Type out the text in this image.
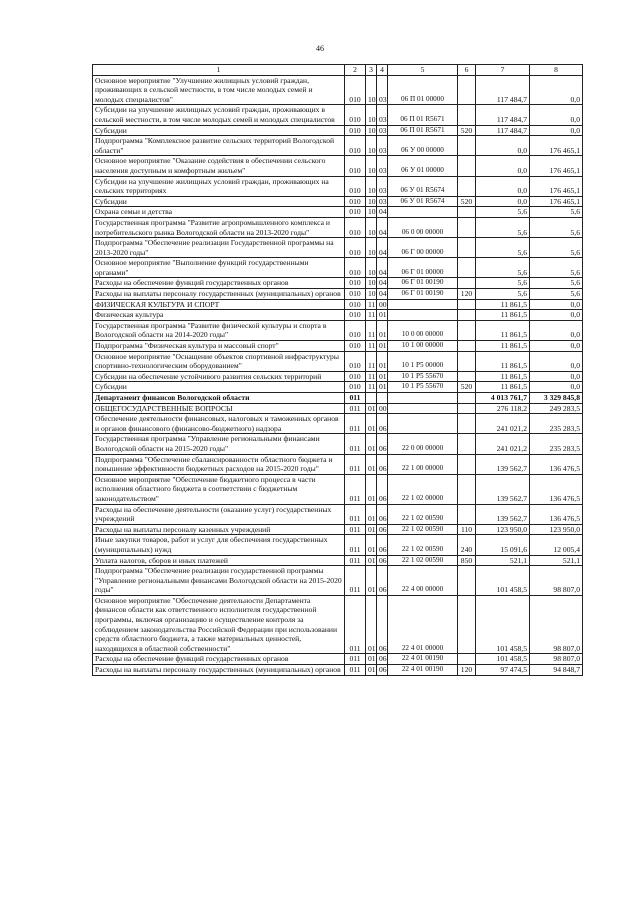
46
1	2	3	4	5	6	7	8
Основное мероприятие "Улучшение жилищных условий граждан, проживающих в сельской местности, в том числе молодых семей и молодых специалистов"	010	10	03	06 П 01 00000		117 484,7	0,0
Субсидии на улучшение жилищных условий граждан, проживающих в сельской местности, в том числе молодых семей и молодых специалистов	010	10	03	06 П 01 R5671		117 484,7	0,0
Субсидии	010	10	03	06 П 01 R5671	520	117 484,7	0,0
Подпрограмма "Комплексное развитие сельских территорий Вологодской области"	010	10	03	06 У 00 00000		0,0	176 465,1
Основное мероприятие "Оказание содействия в обеспечении сельского населения доступным и комфортным жильем"	010	10	03	06 У 01 00000		0,0	176 465,1
Субсидии на улучшение жилищных условий граждан, проживающих на сельских территориях	010	10	03	06 У 01 R5674		0,0	176 465,1
Субсидии	010	10	03	06 У 01 R5674	520	0,0	176 465,1
Охрана семьи и детства	010	10	04			5,6	5,6
Государственная программа "Развитие агропромышленного комплекса и потребительского рынка Вологодской области на 2013-2020 годы"	010	10	04	06 0 00 00000		5,6	5,6
Подпрограмма "Обеспечение реализации Государственной программы на 2013-2020 годы"	010	10	04	06 Г 00 00000		5,6	5,6
Основное мероприятие "Выполнение функций государственными органами"	010	10	04	06 Г 01 00000		5,6	5,6
Расходы на обеспечение функций государственных органов	010	10	04	06 Г 01 00190		5,6	5,6
Расходы на выплаты персоналу государственных (муниципальных) органов	010	10	04	06 Г 01 00190	120	5,6	5,6
ФИЗИЧЕСКАЯ КУЛЬТУРА И СПОРТ	010	11	00			11 861,5	0,0
Физическая культура	010	11	01			11 861,5	0,0
Государственная программа "Развитие физической культуры и спорта в Вологодской области на 2014-2020 годы"	010	11	01	10 0 00 00000		11 861,5	0,0
Подпрограмма "Физическая культура и массовый спорт"	010	11	01	10 1 00 00000		11 861,5	0,0
Основное мероприятие "Оснащение объектов спортивной инфраструктуры спортивно-технологическим оборудованием"	010	11	01	10 1 P5 00000		11 861,5	0,0
Субсидии на обеспечение устойчивого развития сельских территорий	010	11	01	10 1 P5 55670		11 861,5	0,0
Субсидии	010	11	01	10 1 P5 55670	520	11 861,5	0,0
Департамент финансов Вологодской области	011					4 013 761,7	3 329 845,8
ОБЩЕГОСУДАРСТВЕННЫЕ ВОПРОСЫ	011	01	00			276 118,2	249 283,5
Обеспечение деятельности финансовых, налоговых и таможенных органов и органов финансового (финансово-бюджетного) надзора	011	01	06			241 021,2	235 283,5
Государственная программа "Управление региональными финансами Вологодской области на 2015-2020 годы"	011	01	06	22 0 00 00000		241 021,2	235 283,5
Подпрограмма "Обеспечение сбалансированности областного бюджета и повышение эффективности бюджетных расходов на 2015-2020 годы"	011	01	06	22 1 00 00000		139 562,7	136 476,5
Основное мероприятие "Обеспечение бюджетного процесса в части исполнения областного бюджета в соответствии с бюджетным законодательством"	011	01	06	22 1 02 00000		139 562,7	136 476,5
Расходы на обеспечение деятельности (оказание услуг) государственных учреждений	011	01	06	22 1 02 00590		139 562,7	136 476,5
Расходы на выплаты персоналу казенных учреждений	011	01	06	22 1 02 00590	110	123 950,0	123 950,0
Иные закупки товаров, работ и услуг для обеспечения государственных (муниципальных) нужд	011	01	06	22 1 02 00590	240	15 091,6	12 005,4
Уплата налогов, сборов и иных платежей	011	01	06	22 1 02 00590	850	521,1	521,1
Подпрограмма "Обеспечение реализации государственной программы "Управление региональными финансами Вологодской области на 2015-2020 годы"	011	01	06	22 4 00 00000		101 458,5	98 807,0
Основное мероприятие "Обеспечение деятельности Департамента финансов области как ответственного исполнителя государственной программы, включая организацию и осуществление контроля за соблюдением законодательства Российской Федерации при использовании средств областного бюджета, а также материальных ценностей, находящихся в областной собственности"	011	01	06	22 4 01 00000		101 458,5	98 807,0
Расходы на обеспечение функций государственных органов	011	01	06	22 4 01 00190		101 458,5	98 807,0
Расходы на выплаты персоналу государственных (муниципальных) органов	011	01	06	22 4 01 00190	120	97 474,5	94 848,7
